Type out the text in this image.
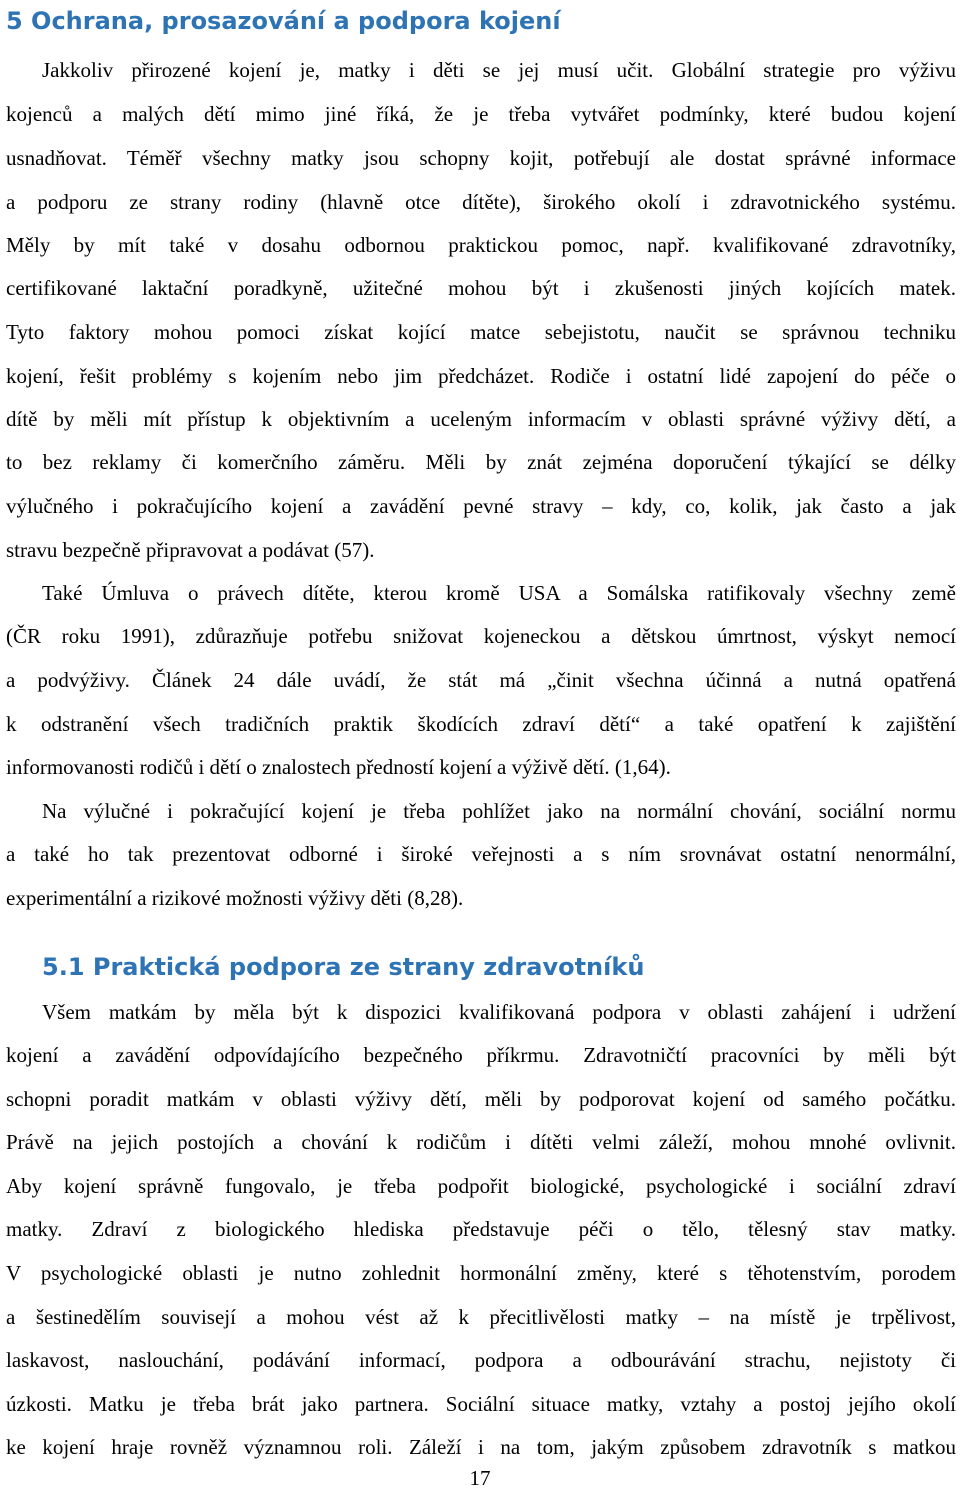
5 Ochrana, prosazování a podpora kojení
Jakkoliv přirozené kojení je, matky i děti se jej musí učit. Globální strategie pro výživu
kojenců a malých dětí mimo jiné říká, že je třeba vytvářet podmínky, které budou kojení
usnadňovat. Téměř všechny matky jsou schopny kojit, potřebují ale dostat správné informace
a podporu ze strany rodiny (hlavně otce dítěte), širokého okolí i zdravotnického systému.
Měly by mít také v dosahu odbornou praktickou pomoc, např. kvalifikované zdravotníky,
certifikované laktační poradkyně, užitečné mohou být i zkušenosti jiných kojících matek.
Tyto faktory mohou pomoci získat kojící matce sebejistotu, naučit se správnou techniku
kojení, řešit problémy s kojením nebo jim předcházet. Rodiče i ostatní lidé zapojení do péče o
dítě by měli mít přístup k objektivním a uceleným informacím v oblasti správné výživy dětí, a
to bez reklamy či komerčního záměru. Měli by znát zejména doporučení týkající se délky
výlučného i pokračujícího kojení a zavádění pevné stravy – kdy, co, kolik, jak často a jak
stravu bezpečně připravovat a podávat (57).
Také Úmluva o právech dítěte, kterou kromě USA a Somálska ratifikovaly všechny země
(ČR roku 1991), zdůrazňuje potřebu snižovat kojeneckou a dětskou úmrtnost, výskyt nemocí
a podvýživy. Článek 24 dále uvádí, že stát má „činit všechna účinná a nutná opatřená
k odstranění všech tradičních praktik škodících zdraví dětí“ a také opatření k zajištění
informovanosti rodičů i dětí o znalostech předností kojení a výživě dětí. (1,64).
Na výlučné i pokračující kojení je třeba pohlížet jako na normální chování, sociální normu
a také ho tak prezentovat odborné i široké veřejnosti a s ním srovnávat ostatní nenormální,
experimentální a rizikové možnosti výživy děti (8,28).
5.1 Praktická podpora ze strany zdravotníků
Všem matkám by měla být k dispozici kvalifikovaná podpora v oblasti zahájení i udržení
kojení a zavádění odpovídajícího bezpečného příkrmu. Zdravotničtí pracovníci by měli být
schopni poradit matkám v oblasti výživy dětí, měli by podporovat kojení od samého počátku.
Právě na jejich postojích a chování k rodičům i dítěti velmi záleží, mohou mnohé ovlivnit.
Aby kojení správně fungovalo, je třeba podpořit biologické, psychologické i sociální zdraví
matky. Zdraví z biologického hlediska představuje péči o tělo, tělesný stav matky.
V psychologické oblasti je nutno zohlednit hormonální změny, které s těhotenstvím, porodem
a šestinedělím souvisejí a mohou vést až k přecitlivělosti matky – na místě je trpělivost,
laskavost, naslouchání, podávání informací, podpora a odbourávání strachu, nejistoty či
úzkosti. Matku je třeba brát jako partnera. Sociální situace matky, vztahy a postoj jejího okolí
ke kojení hraje rovněž významnou roli. Záleží i na tom, jakým způsobem zdravotník s matkou
17
